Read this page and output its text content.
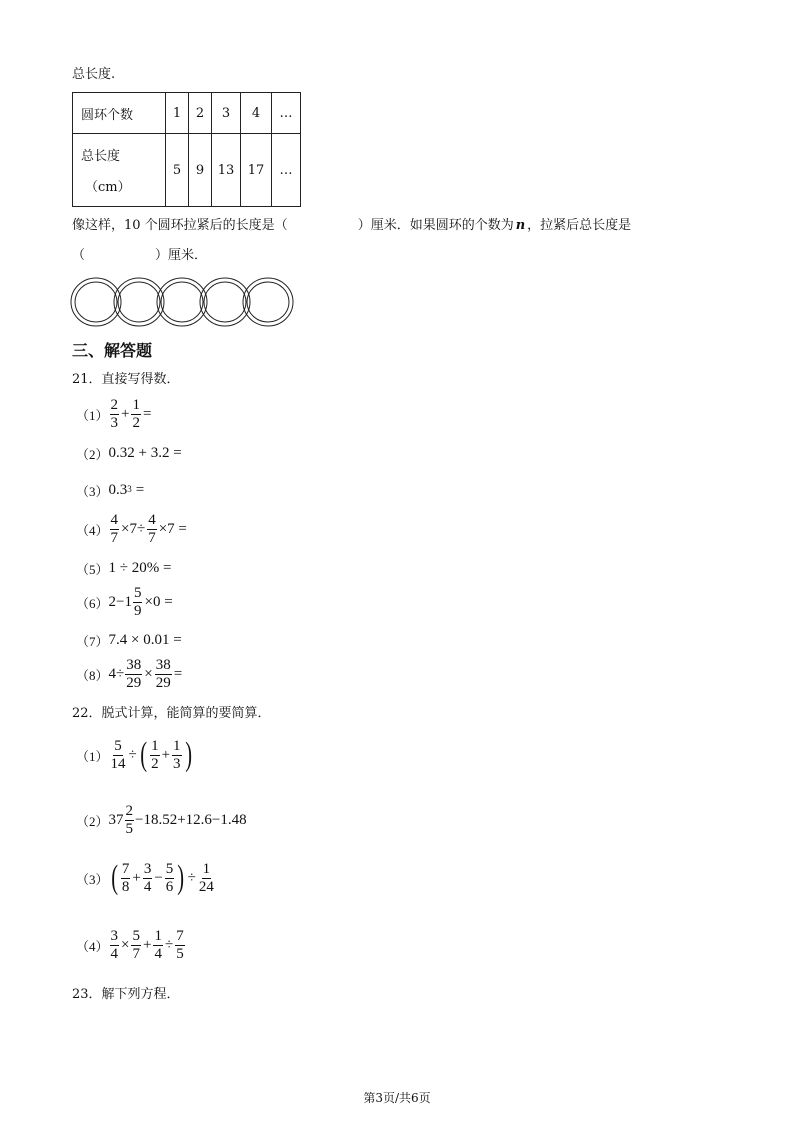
总长度.
圆环个数	1	2	3	4	…

总长度
（cm）	5	9	13	17	…
像这样，10 个圆环拉紧后的长度是（	）厘米．如果圆环的个数为 n ，拉紧后总长度是
（	）厘米．
三、解答题
21．直接写得数．
$(1) \frac{2}{3} + \frac{1}{2}$ =
（2） 0.32 + 3.2 =
（3） $0.3^3$ =
$(4) \frac{4}{7} \times 7\div \frac{4}{7} \times 7$ =
（5） 1 ÷ 20% =
（6） $2-1 \frac{5}{9} \times 0$ =
（7） 7.4 × 0.01 =
（8） $4\div \frac{38}{29} \times \frac{38}{29}$ =
22．脱式计算，能简算的要简算．
$(1) \frac{5}{14}$ ÷ ( $\frac{1}{2} + \frac{1}{3}$ )
（2） $37 \frac{2}{5} -18.52+12.6-1.48$
（3） ( $\frac{7}{8} + \frac{3}{4} - \frac{5}{6}$ ) ÷ $\frac{1}{24}$
$(4) \frac{3}{4} \times \frac{5}{7} + \frac{1}{4} \div \frac{7}{5}$
23．解下列方程．
第3页/共6页
